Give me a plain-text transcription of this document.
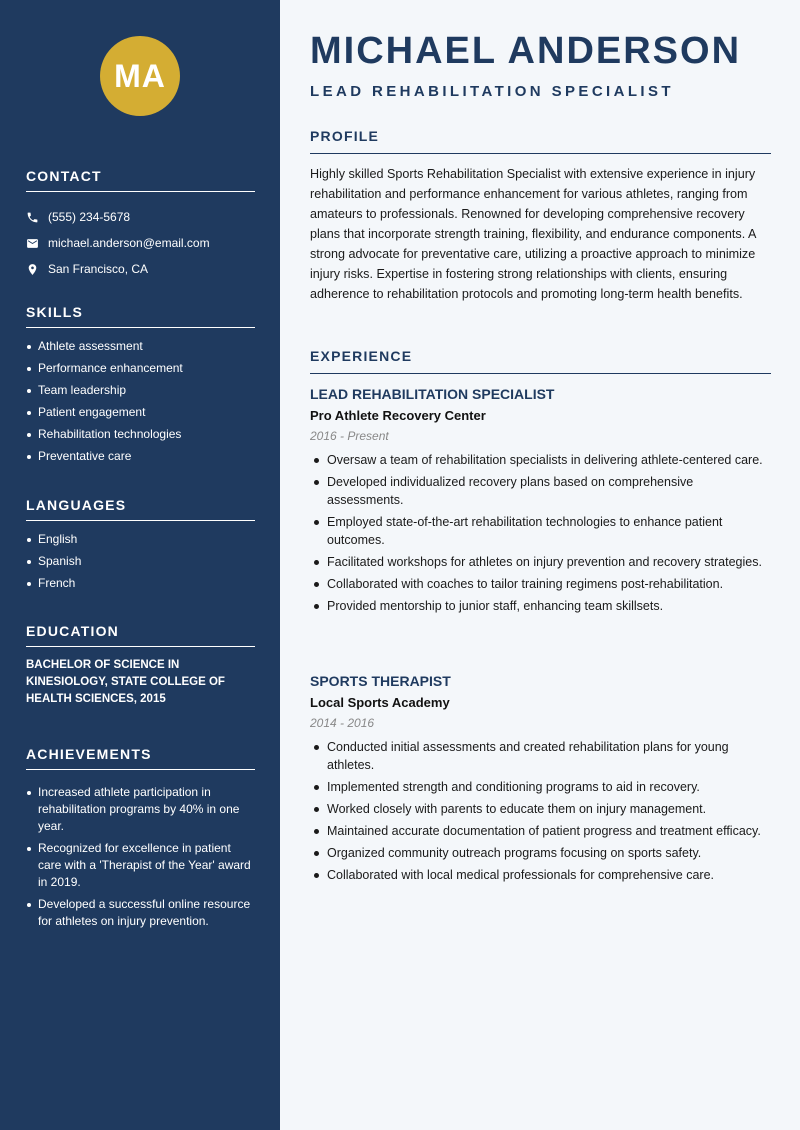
MA
CONTACT
(555) 234-5678
michael.anderson@email.com
San Francisco, CA
SKILLS
Athlete assessment
Performance enhancement
Team leadership
Patient engagement
Rehabilitation technologies
Preventative care
LANGUAGES
English
Spanish
French
EDUCATION

BACHELOR OF SCIENCE IN KINESIOLOGY, STATE COLLEGE OF HEALTH SCIENCES, 2015

ACHIEVEMENTS
Increased athlete participation in rehabilitation programs by 40% in one year.
Recognized for excellence in patient care with a 'Therapist of the Year' award in 2019.
Developed a successful online resource for athletes on injury prevention.
MICHAEL ANDERSON
LEAD REHABILITATION SPECIALIST
PROFILE

Highly skilled Sports Rehabilitation Specialist with extensive experience in injury rehabilitation and performance enhancement for various athletes, ranging from amateurs to professionals. Renowned for developing comprehensive recovery plans that incorporate strength training, flexibility, and endurance components. A strong advocate for preventative care, utilizing a proactive approach to minimize injury risks. Expertise in fostering strong relationships with clients, ensuring adherence to rehabilitation protocols and promoting long-term health benefits.

EXPERIENCE
LEAD REHABILITATION SPECIALIST
Pro Athlete Recovery Center
2016 - Present
Oversaw a team of rehabilitation specialists in delivering athlete-centered care.
Developed individualized recovery plans based on comprehensive assessments.
Employed state-of-the-art rehabilitation technologies to enhance patient outcomes.
Facilitated workshops for athletes on injury prevention and recovery strategies.
Collaborated with coaches to tailor training regimens post-rehabilitation.
Provided mentorship to junior staff, enhancing team skillsets.
SPORTS THERAPIST
Local Sports Academy
2014 - 2016
Conducted initial assessments and created rehabilitation plans for young athletes.
Implemented strength and conditioning programs to aid in recovery.
Worked closely with parents to educate them on injury management.
Maintained accurate documentation of patient progress and treatment efficacy.
Organized community outreach programs focusing on sports safety.
Collaborated with local medical professionals for comprehensive care.
